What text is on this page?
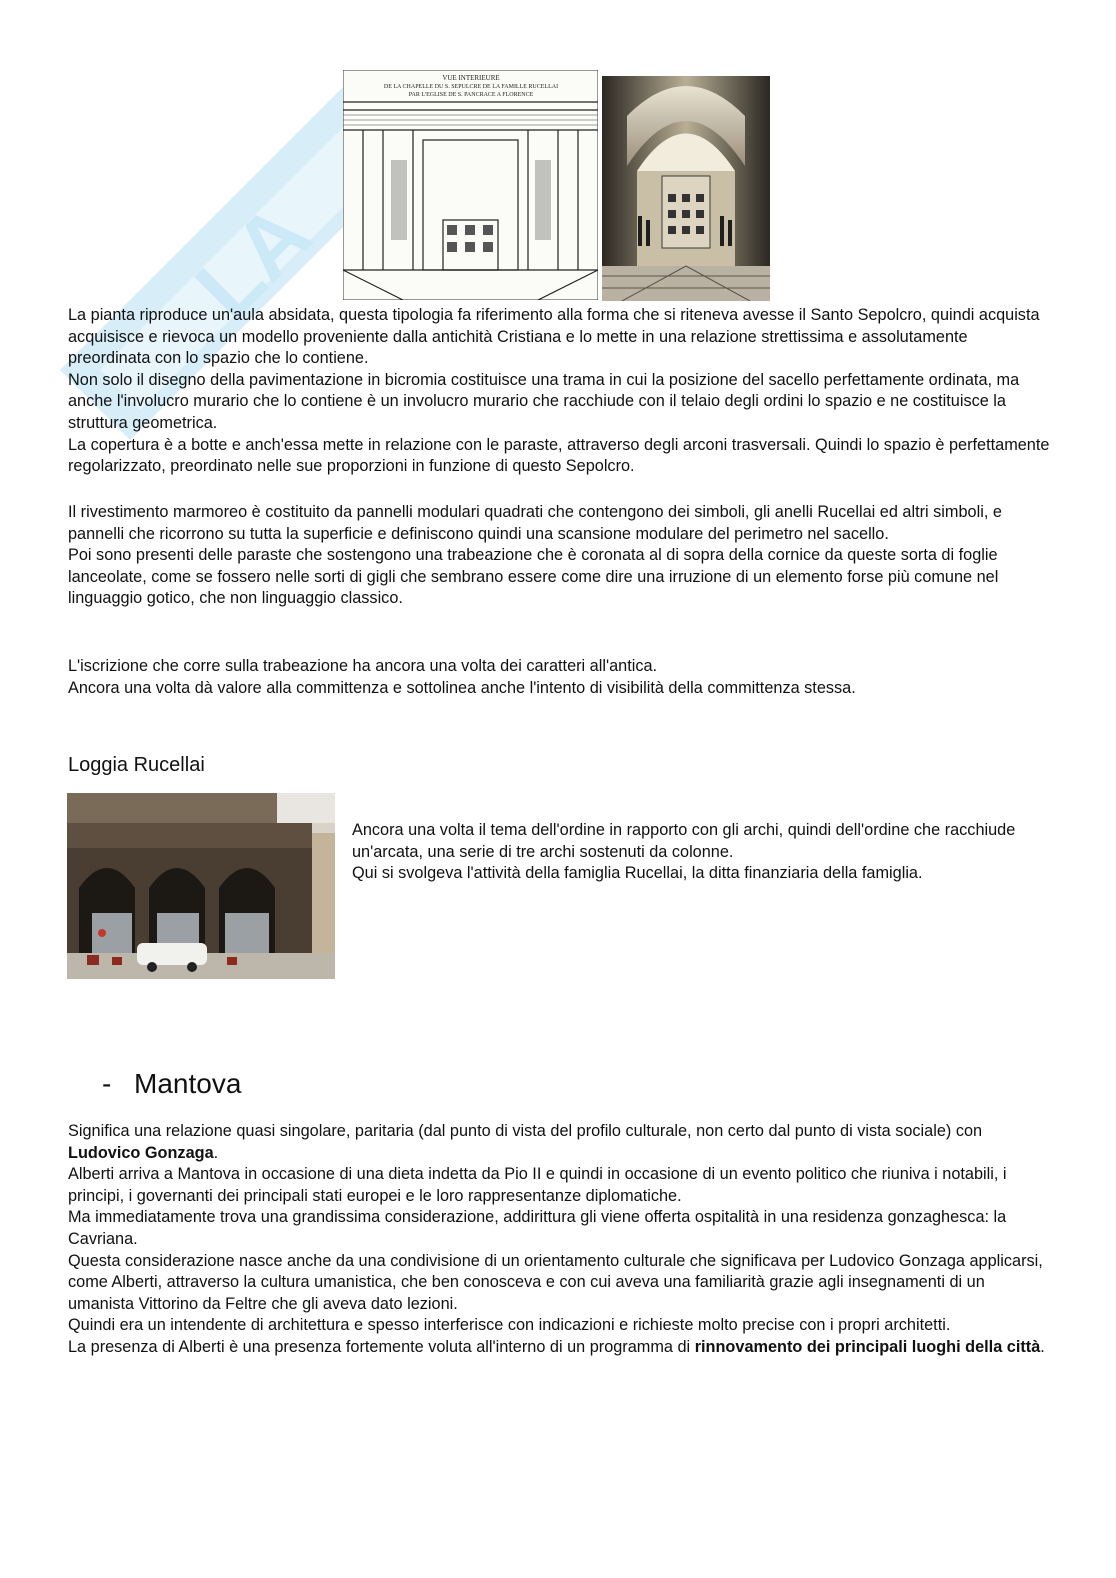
LA
VUE INTERIEURE
DE LA CHAPELLE DU S. SEPULCRE DE LA FAMILLE RUCELLAI
PAR L'EGLISE DE S. PANCRACE A FLORENCE

La pianta riproduce un'aula absidata, questa tipologia fa riferimento alla forma che si riteneva avesse il Santo Sepolcro, quindi acquista acquisisce e rievoca un modello proveniente dalla antichità Cristiana e lo mette in una relazione strettissima e assolutamente preordinata con lo spazio che lo contiene.

Non solo il disegno della pavimentazione in bicromia costituisce una trama in cui la posizione del sacello perfettamente ordinata, ma anche l'involucro murario che lo contiene è un involucro murario che racchiude con il telaio degli ordini lo spazio e ne costituisce la struttura geometrica.

La copertura è a botte e anch'essa mette in relazione con le paraste, attraverso degli arconi trasversali. Quindi lo spazio è perfettamente regolarizzato, preordinato nelle sue proporzioni in funzione di questo Sepolcro.

Il rivestimento marmoreo è costituito da pannelli modulari quadrati che contengono dei simboli, gli anelli Rucellai ed altri simboli, e pannelli che ricorrono su tutta la superficie e definiscono quindi una scansione modulare del perimetro nel sacello.

Poi sono presenti delle paraste che sostengono una trabeazione che è coronata al di sopra della cornice da queste sorta di foglie lanceolate, come se fossero nelle sorti di gigli che sembrano essere come dire una irruzione di un elemento forse più comune nel linguaggio gotico, che non linguaggio classico.

L'iscrizione che corre sulla trabeazione ha ancora una volta dei caratteri all'antica.

Ancora una volta dà valore alla committenza e sottolinea anche l'intento di visibilità della committenza stessa.

Loggia Rucellai

Ancora una volta il tema dell'ordine in rapporto con gli archi, quindi dell'ordine che racchiude un'arcata, una serie di tre archi sostenuti da colonne.

Qui si svolgeva l'attività della famiglia Rucellai, la ditta finanziaria della famiglia.

- Mantova

Significa una relazione quasi singolare, paritaria (dal punto di vista del profilo culturale, non certo dal punto di vista sociale) con Ludovico Gonzaga.

Alberti arriva a Mantova in occasione di una dieta indetta da Pio II e quindi in occasione di un evento politico che riuniva i notabili, i principi, i governanti dei principali stati europei e le loro rappresentanze diplomatiche.

Ma immediatamente trova una grandissima considerazione, addirittura gli viene offerta ospitalità in una residenza gonzaghesca: la Cavriana.

Questa considerazione nasce anche da una condivisione di un orientamento culturale che significava per Ludovico Gonzaga applicarsi, come Alberti, attraverso la cultura umanistica, che ben conosceva e con cui aveva una familiarità grazie agli insegnamenti di un umanista Vittorino da Feltre che gli aveva dato lezioni.

Quindi era un intendente di architettura e spesso interferisce con indicazioni e richieste molto precise con i propri architetti.

La presenza di Alberti è una presenza fortemente voluta all'interno di un programma di rinnovamento dei principali luoghi della città.
